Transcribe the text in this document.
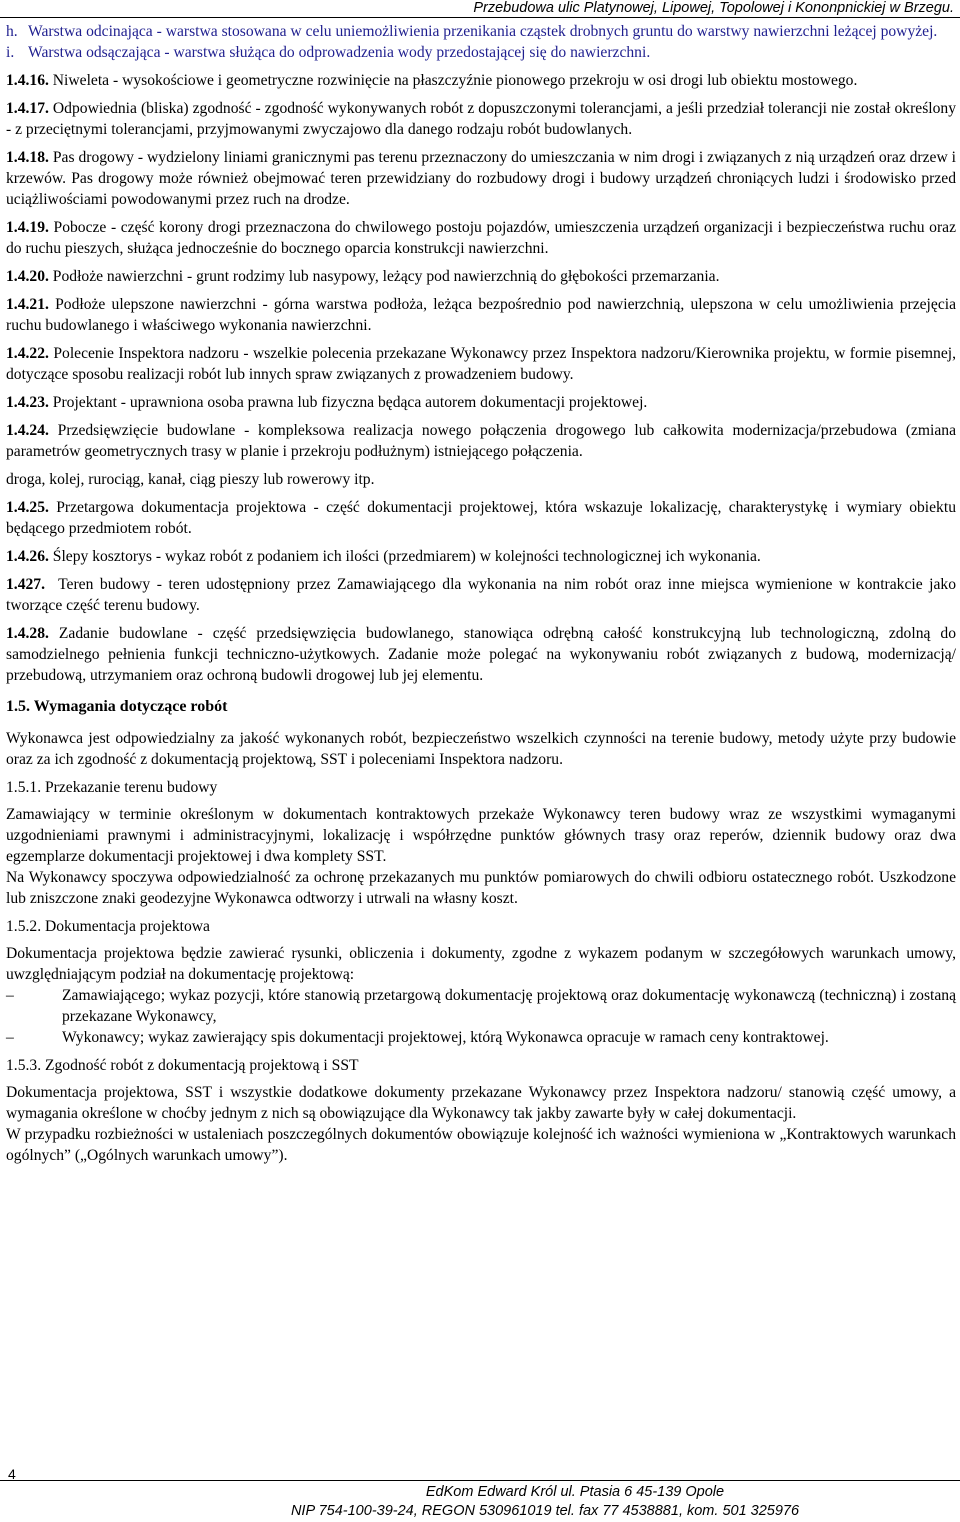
Przebudowa ulic Platynowej, Lipowej, Topolowej i Kononpnickiej w Brzegu.

h. Warstwa odcinająca - warstwa stosowana w celu uniemożliwienia przenikania cząstek drobnych gruntu do warstwy nawierzchni leżącej powyżej.

i. Warstwa odsączająca - warstwa służąca do odprowadzenia wody przedostającej się do nawierzchni.

1.4.16. Niweleta - wysokościowe i geometryczne rozwinięcie na płaszczyźnie pionowego przekroju w osi drogi lub obiektu mostowego.

1.4.17. Odpowiednia (bliska) zgodność - zgodność wykonywanych robót z dopuszczonymi tolerancjami, a jeśli przedział tolerancji nie został określony - z przeciętnymi tolerancjami, przyjmowanymi zwyczajowo dla danego rodzaju robót budowlanych.

1.4.18. Pas drogowy - wydzielony liniami granicznymi pas terenu przeznaczony do umieszczania w nim drogi i związanych z nią urządzeń oraz drzew i krzewów. Pas drogowy może również obejmować teren przewidziany do rozbudowy drogi i budowy urządzeń chroniących ludzi i środowisko przed uciążliwościami powodowanymi przez ruch na drodze.

1.4.19. Pobocze - część korony drogi przeznaczona do chwilowego postoju pojazdów, umieszczenia urządzeń organizacji i bezpieczeństwa ruchu oraz do ruchu pieszych, służąca jednocześnie do bocznego oparcia konstrukcji nawierzchni.

1.4.20. Podłoże nawierzchni - grunt rodzimy lub nasypowy, leżący pod nawierzchnią do głębokości przemarzania.

1.4.21. Podłoże ulepszone nawierzchni - górna warstwa podłoża, leżąca bezpośrednio pod nawierzchnią, ulepszona w celu umożliwienia przejęcia ruchu budowlanego i właściwego wykonania nawierzchni.

1.4.22. Polecenie Inspektora nadzoru - wszelkie polecenia przekazane Wykonawcy przez Inspektora nadzoru/Kierownika projektu, w formie pisemnej, dotyczące sposobu realizacji robót lub innych spraw związanych z prowadzeniem budowy.

1.4.23. Projektant - uprawniona osoba prawna lub fizyczna będąca autorem dokumentacji projektowej.

1.4.24. Przedsięwzięcie budowlane - kompleksowa realizacja nowego połączenia drogowego lub całkowita modernizacja/przebudowa (zmiana parametrów geometrycznych trasy w planie i przekroju podłużnym) istniejącego połączenia.

droga, kolej, rurociąg, kanał, ciąg pieszy lub rowerowy itp.

1.4.25. Przetargowa dokumentacja projektowa - część dokumentacji projektowej, która wskazuje lokalizację, charakterystykę i wymiary obiektu będącego przedmiotem robót.

1.4.26. Ślepy kosztorys - wykaz robót z podaniem ich ilości (przedmiarem) w kolejności technologicznej ich wykonania.

1.427. Teren budowy - teren udostępniony przez Zamawiającego dla wykonania na nim robót oraz inne miejsca wymienione w kontrakcie jako tworzące część terenu budowy.

1.4.28. Zadanie budowlane - część przedsięwzięcia budowlanego, stanowiąca odrębną całość konstrukcyjną lub technologiczną, zdolną do samodzielnego pełnienia funkcji techniczno-użytkowych. Zadanie może polegać na wykonywaniu robót związanych z budową, modernizacją/ przebudową, utrzymaniem oraz ochroną budowli drogowej lub jej elementu.

1.5. Wymagania dotyczące robót

Wykonawca jest odpowiedzialny za jakość wykonanych robót, bezpieczeństwo wszelkich czynności na terenie budowy, metody użyte przy budowie oraz za ich zgodność z dokumentacją projektową, SST i poleceniami Inspektora nadzoru.

1.5.1. Przekazanie terenu budowy

Zamawiający w terminie określonym w dokumentach kontraktowych przekaże Wykonawcy teren budowy wraz ze wszystkimi wymaganymi uzgodnieniami prawnymi i administracyjnymi, lokalizację i współrzędne punktów głównych trasy oraz reperów, dziennik budowy oraz dwa egzemplarze dokumentacji projektowej i dwa komplety SST.

Na Wykonawcy spoczywa odpowiedzialność za ochronę przekazanych mu punktów pomiarowych do chwili odbioru ostatecznego robót. Uszkodzone lub zniszczone znaki geodezyjne Wykonawca odtworzy i utrwali na własny koszt.

1.5.2. Dokumentacja projektowa

Dokumentacja projektowa będzie zawierać rysunki, obliczenia i dokumenty, zgodne z wykazem podanym w szczegółowych warunkach umowy, uwzględniającym podział na dokumentację projektową:

–	Zamawiającego; wykaz pozycji, które stanowią przetargową dokumentację projektową oraz dokumentację wykonawczą (techniczną) i zostaną przekazane Wykonawcy,
–	Wykonawcy; wykaz zawierający spis dokumentacji projektowej, którą Wykonawca opracuje w ramach ceny kontraktowej.
1.5.3. Zgodność robót z dokumentacją projektową i SST

Dokumentacja projektowa, SST i wszystkie dodatkowe dokumenty przekazane Wykonawcy przez Inspektora nadzoru/ stanowią część umowy, a wymagania określone w choćby jednym z nich są obowiązujące dla Wykonawcy tak jakby zawarte były w całej dokumentacji.

W przypadku rozbieżności w ustaleniach poszczególnych dokumentów obowiązuje kolejność ich ważności wymieniona w „Kontraktowych warunkach ogólnych” („Ogólnych warunkach umowy”).

4
EdKom Edward Król ul. Ptasia 6 45-139 Opole
NIP 754-100-39-24, REGON 530961019 tel. fax 77 4538881, kom. 501 325976
